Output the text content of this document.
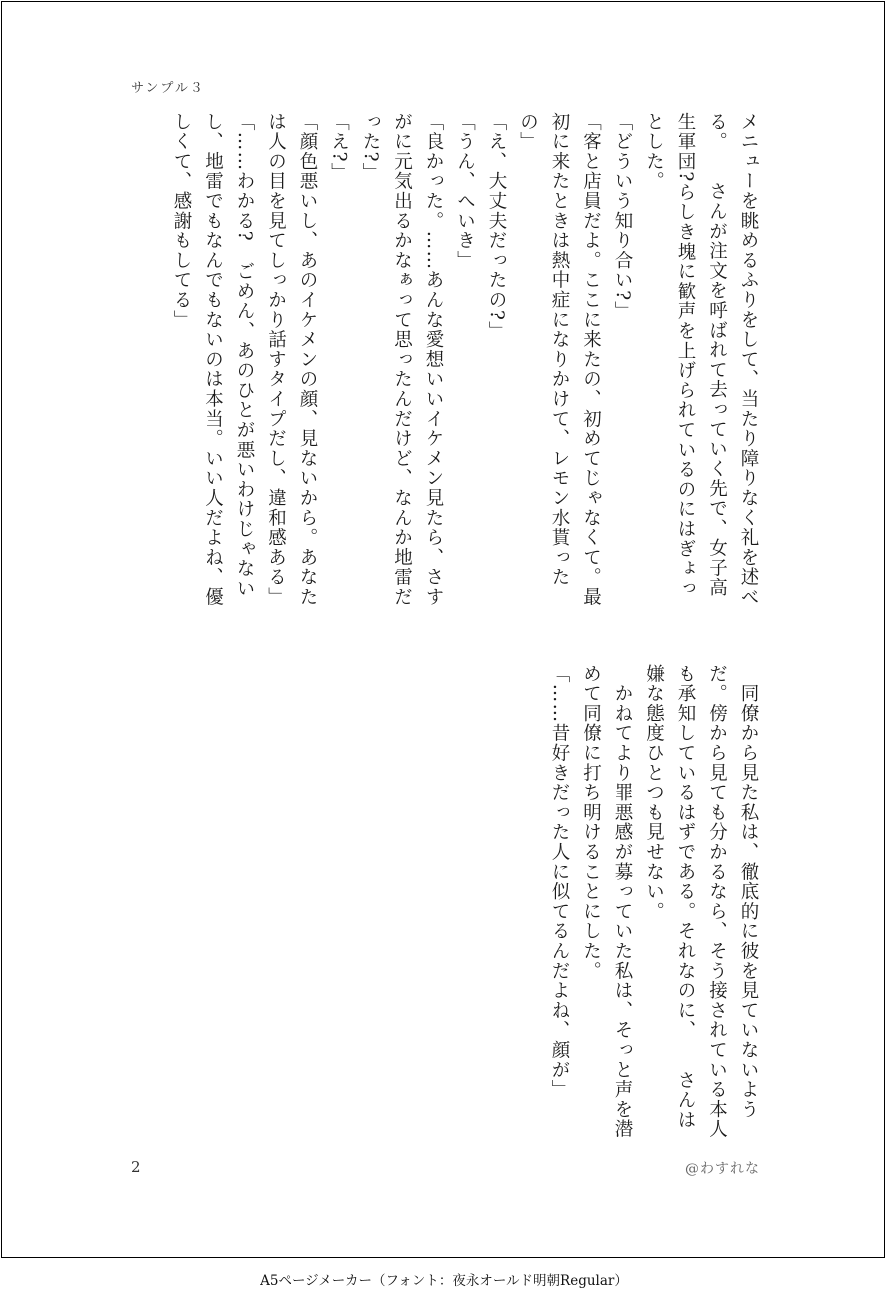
サンプル３

メニューを眺めるふりをして、当たり障りなく礼を述べる。　　さんが注文を呼ばれて去っていく先で、女子高生軍団?らしき塊に歓声を上げられているのにはぎょっとした。

「どういう知り合い?」

「客と店員だよ。ここに来たの、初めてじゃなくて。最初に来たときは熱中症になりかけて、レモン水貰ったの」

「え、大丈夫だったの?」

「うん、へいき」

「良かった。……あんな愛想いいイケメン見たら、さすがに元気出るかなぁって思ったんだけど、なんか地雷だった?」

「え?」

「顔色悪いし、あのイケメンの顔、見ないから。あなたは人の目を見てしっかり話すタイプだし、違和感ある」

「……わかる?　ごめん、あのひとが悪いわけじゃないし、地雷でもなんでもないのは本当。いい人だよね、優しくて、感謝もしてる」

　同僚から見た私は、徹底的に彼を見ていないようだ。傍から見ても分かるなら、そう接されている本人も承知しているはずである。それなのに、　　さんは嫌な態度ひとつも見せない。

　かねてより罪悪感が募っていた私は、そっと声を潜めて同僚に打ち明けることにした。

「……昔好きだった人に似てるんだよね、顔が」

2	@わすれな
A5ページメーカー（フォント：夜永オールド明朝Regular）
